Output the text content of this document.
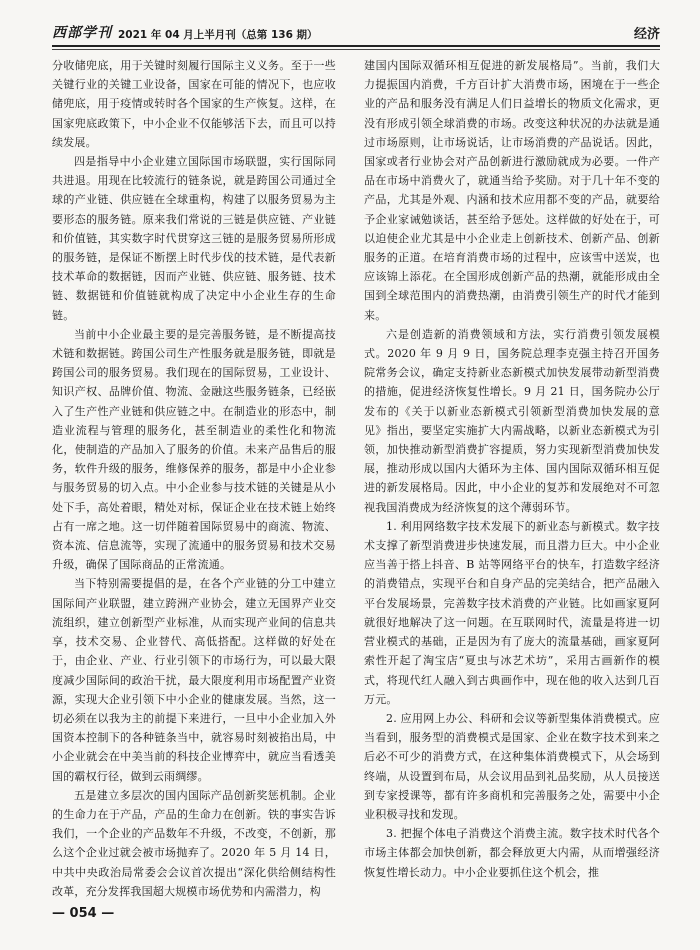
西部学刊 2021 年 04 月上半月刊（总第 136 期）	经济

分收储兜底，用于关键时刻履行国际主义义务。至于一些关键行业的关键工业设备，国家在可能的情况下，也应收储兜底，用于疫情或转时各个国家的生产恢复。这样，在国家兜底政策下，中小企业不仅能够活下去，而且可以持续发展。

四是指导中小企业建立国际国市场联盟，实行国际同共进退。用现在比较流行的链条说，就是跨国公司通过全球的产业链、供应链在全球重构，构建了以服务贸易为主要形态的服务链。原来我们常说的三链是供应链、产业链和价值链，其实数字时代贯穿这三链的是服务贸易所形成的服务链，是保证不断摆上时代步伐的技术链，是代表新技术革命的数据链，因而产业链、供应链、服务链、技术链、数据链和价值链就构成了决定中小企业生存的生命链。

当前中小企业最主要的是完善服务链，是不断提高技术链和数据链。跨国公司生产性服务就是服务链，即就是跨国公司的服务贸易。我们现在的国际贸易，工业设计、知识产权、品牌价值、物流、金融这些服务链条，已经嵌入了生产性产业链和供应链之中。在制造业的形态中，制造业流程与管理的服务化，甚至制造业的柔性化和物流化，使制造的产品加入了服务的价值。未来产品售后的服务，软件升级的服务，维修保养的服务，都是中小企业参与服务贸易的切入点。中小企业参与技术链的关键是从小处下手，高处着眼，精处对标，保证企业在技术链上始终占有一席之地。这一切伴随着国际贸易中的商流、物流、资本流、信息流等，实现了流通中的服务贸易和技术交易升级，确保了国际商品的正常流通。

当下特别需要提倡的是，在各个产业链的分工中建立国际间产业联盟，建立跨洲产业协会，建立无国界产业交流组织，建立创新型产业标准，从而实现产业间的信息共享，技术交易、企业替代、高低搭配。这样做的好处在于，由企业、产业、行业引领下的市场行为，可以最大限度减少国际间的政治干扰，最大限度利用市场配置产业资源，实现大企业引领下中小企业的健康发展。当然，这一切必须在以我为主的前提下来进行，一旦中小企业加入外国资本控制下的各种链条当中，就容易时刻被掐出局，中小企业就会在中美当前的科技企业博弈中，就应当看透美国的霸权行径，做到云雨绸缪。

五是建立多层次的国内国际产品创新奖惩机制。企业的生命力在于产品，产品的生命力在创新。铁的事实告诉我们，一个企业的产品数年不升级，不改变，不创新，那么这个企业过就会被市场抛弃了。2020 年 5 月 14 日，中共中央政治局常委会会议首次提出“深化供给侧结构性改革，充分发挥我国超大规模市场优势和内需潜力，构

建国内国际双循环相互促进的新发展格局”。当前，我们大力提振国内消费，千方百计扩大消费市场，困境在于一些企业的产品和服务没有满足人们日益增长的物质文化需求，更没有形成引领全球消费的市场。改变这种状况的办法就是通过市场原则，让市场说话，让市场消费的产品说话。因此，国家或者行业协会对产品创新进行激励就成为必要。一件产品在市场中消费火了，就通当给予奖励。对于几十年不变的产品，尤其是外观、内涵和技术应用都不变的产品，就要给予企业家诫勉谈话，甚至给予惩处。这样做的好处在于，可以迫使企业尤其是中小企业走上创新技术、创新产品、创新服务的正道。在培育消费市场的过程中，应该雪中送炭，也应该锦上添花。在全国形成创新产品的热潮，就能形成由全国到全球范围内的消费热潮，由消费引领生产的时代才能到来。

六是创造新的消费领域和方法，实行消费引领发展模式。2020 年 9 月 9 日，国务院总理李克强主持召开国务院常务会议，确定支持新业态新模式加快发展带动新型消费的措施，促进经济恢复性增长。9 月 21 日，国务院办公厅发布的《关于以新业态新模式引领新型消费加快发展的意见》指出，要坚定实施扩大内需战略，以新业态新模式为引领，加快推动新型消费扩容提质，努力实现新型消费加快发展，推动形成以国内大循环为主体、国内国际双循环相互促进的新发展格局。因此，中小企业的复苏和发展绝对不可忽视我国消费成为经济恢复的这个薄弱环节。

1. 利用网络数字技术发展下的新业态与新模式。数字技术支撑了新型消费进步快速发展，而且潜力巨大。中小企业应当善于搭上抖音、B 站等网络平台的快车，打造数字经济的消费错点，实现平台和自身产品的完美结合，把产品融入平台发展场景，完善数字技术消费的产业链。比如画家夏阿就很好地解决了这一问题。在互联网时代，流量是将进一切营业模式的基础，正是因为有了庞大的流量基础，画家夏阿索性开起了淘宝店“夏虫与冰艺术坊”，采用古画新作的模式，将现代红人融入到古典画作中，现在他的收入达到几百万元。

2. 应用网上办公、科研和会议等新型集体消费模式。应当看到，服务型的消费模式是国家、企业在数字技术到来之后必不可少的消费方式，在这种集体消费模式下，从会场到终端，从设置到布局，从会议用品到礼品奖励，从人员接送到专家授课等，都有许多商机和完善服务之处，需要中小企业积极寻找和发现。

3. 把握个体电子消费这个消费主流。数字技术时代各个市场主体都会加快创新，都会释放更大内需，从而增强经济恢复性增长动力。中小企业要抓住这个机会，推

— 054 —
